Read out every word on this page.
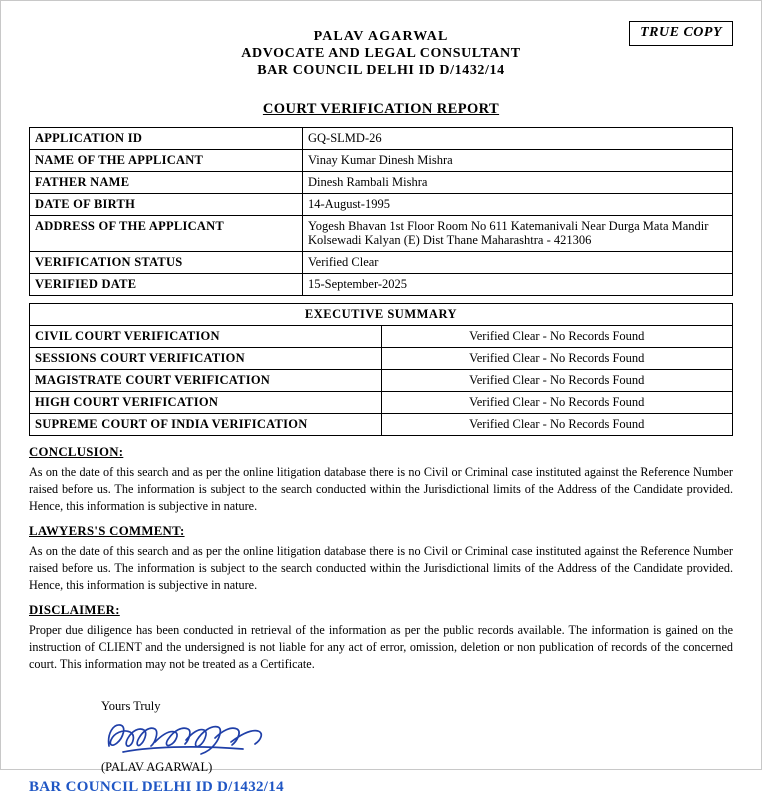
TRUE COPY
PALAV AGARWAL
ADVOCATE AND LEGAL CONSULTANT
BAR COUNCIL DELHI ID D/1432/14
COURT VERIFICATION REPORT
APPLICATION ID	GQ-SLMD-26
NAME OF THE APPLICANT	Vinay Kumar Dinesh Mishra
FATHER NAME	Dinesh Rambali Mishra
DATE OF BIRTH	14-August-1995
ADDRESS OF THE APPLICANT	Yogesh Bhavan 1st Floor Room No 611 Katemanivali Near Durga Mata Mandir Kolsewadi Kalyan (E) Dist Thane Maharashtra - 421306
VERIFICATION STATUS	Verified Clear
VERIFIED DATE	15-September-2025
EXECUTIVE SUMMARY	
CIVIL COURT VERIFICATION	Verified Clear - No Records Found
SESSIONS COURT VERIFICATION	Verified Clear - No Records Found
MAGISTRATE COURT VERIFICATION	Verified Clear - No Records Found
HIGH COURT VERIFICATION	Verified Clear - No Records Found
SUPREME COURT OF INDIA VERIFICATION	Verified Clear - No Records Found
CONCLUSION:
As on the date of this search and as per the online litigation database there is no Civil or Criminal case instituted against the Reference Number raised before us. The information is subject to the search conducted within the Jurisdictional limits of the Address of the Candidate provided. Hence, this information is subjective in nature.
LAWYERS'S COMMENT:
As on the date of this search and as per the online litigation database there is no Civil or Criminal case instituted against the Reference Number raised before us. The information is subject to the search conducted within the Jurisdictional limits of the Address of the Candidate provided. Hence, this information is subjective in nature.
DISCLAIMER:
Proper due diligence has been conducted in retrieval of the information as per the public records available. The information is gained on the instruction of CLIENT and the undersigned is not liable for any act of error, omission, deletion or non publication of records of the concerned court. This information may not be treated as a Certificate.
Yours Truly
(PALAV AGARWAL)
BAR COUNCIL DELHI ID D/1432/14
